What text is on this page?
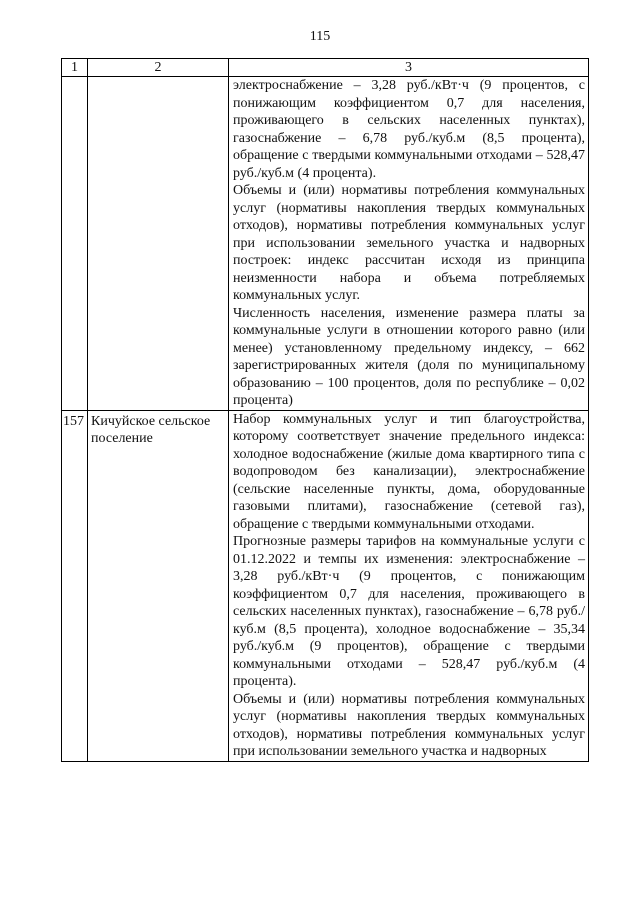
115
1	2	3

		электроснабжение – 3,28 руб./кВт·ч (9 процентов, с понижающим коэффициентом 0,7 для населения, проживающего в сельских населенных пунктах), газоснабжение – 6,78 руб./куб.м (8,5 процента), обращение с твердыми коммунальными отходами – 528,47 руб./куб.м (4 процента).

Объемы и (или) нормативы потребления коммунальных услуг (нормативы накопления твердых коммунальных отходов), нормативы потребления коммунальных услуг при использовании земельного участка и надворных построек: индекс рассчитан исходя из принципа неизменности набора и объема потребляемых коммунальных услуг.

Численность населения, изменение размера платы за коммунальные услуги в отношении которого равно (или менее) установленному предельному индексу, – 662 зарегистрированных жителя (доля по муниципальному образованию – 100 процентов, доля по республике – 0,02 процента)

157	Кичуйское сельское поселение	Набор коммунальных услуг и тип благоустройства, которому соответствует значение предельного индекса: холодное водоснабжение (жилые дома квартирного типа с водопроводом без канализации), электроснабжение (сельские населенные пункты, дома, оборудованные газовыми плитами), газоснабжение (сетевой газ), обращение с твердыми коммунальными отходами.

Прогнозные размеры тарифов на коммунальные услуги с 01.12.2022 и темпы их изменения: электроснабжение – 3,28 руб./кВт·ч (9 процентов, с понижающим коэффициентом 0,7 для населения, проживающего в сельских населенных пунктах), газоснабжение – 6,78 руб./куб.м (8,5 процента), холодное водоснабжение – 35,34 руб./куб.м (9 процентов), обращение с твердыми коммунальными отходами – 528,47 руб./куб.м (4 процента).

Объемы и (или) нормативы потребления коммунальных услуг (нормативы накопления твердых коммунальных отходов), нормативы потребления коммунальных услуг при использовании земельного участка и надворных
